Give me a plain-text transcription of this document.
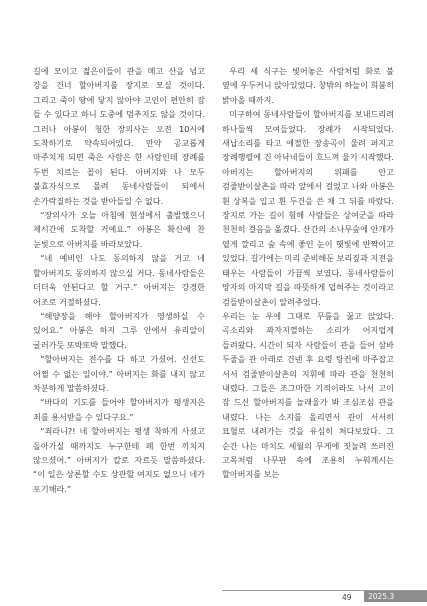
길에 모이고 젊은이들이 관을 메고 산을 넘고 강을 건너 할아버지를 장지로 모실 것이다. 그리고 죽이 땅에 닿지 않아야 고인이 편안히 잠 들 수 있다고 하니 도중에 멈추지도 않을 것이다. 그러나 아봉이 청한 장의사는 오전 10시에 도착하기로 약속되어있다. 만약 공교롭게 마주치게 되면 죽은 사람은 한 사람인데 장례를 두번 치르는 꼴이 된다. 아버지와 나 모두 불효자식으로 몰려 동네사람들이 되에서 손가락질하는 것을 받아들일 수 없다.

“장의사가 오늘 아침에 현성에서 출발했으니 제시간에 도착할 거예요.” 아봉은 확신에 찬 눈빛으로 아버지를 바라보았다.

“네 예비인 나도 동의하지 않을 거고 네 할아버지도 동의하지 않으실 거다. 동네사람들은 더더욱 안된다고 할 거구.” 아버지는 강경한 어조로 거절하셨다.

“해양장을 해야 할아버지가 영생하실 수 있어요.” 아봉은 하지 그루 안에서 유리알이 굴러가듯 또박또박 말했다.

“할아버지는 전수를 다 하고 가셨어. 신선도 어쩔 수 없는 일이야.” 아버지는 화를 내지 않고 차분하게 말씀하셨다.

“바다의 기도를 들어야 할아버지가 평생지은 죄를 용서받을 수 있다구요.”

“죄라니?! 네 할아버지는 평생 착하게 사셨고 돌아가실 때까지도 누구한테 폐 한번 끼치지 않으셨어.” 아버지가 칼로 자르듯 말씀하셨다. “이 일은 상론할 수도 상관할 여지도 없으니 네가 포기해라.”

우리 세 식구는 빛어놓은 사람처럼 화로 불 옆에 우두커니 앉아있었다. 창밖의 하늘이 희붐히 밝아올 때까지.

미구하여 동네사람들이 할아버지를 보내드리려 하나둘씩 모여들었다. 장례가 시작되었다. 새납소리를 타고 애절한 장송곡이 울려 퍼지고 장례행렬에 건 아낙네들이 흐느껴 울기 시작했다. 아버지는 할아버지의 위패를 안고 검줄받이살촌을 따라 앞에서 걸었고 나와 아봉은 흰 상복을 입고 흰 두건을 쓴 채 그 뒤를 따랐다. 장지로 가는 길이 험해 사람들은 상여군을 따라 천천히 걸음을 옮겼다. 산간의 소나무숲에 안개가 옅게 깔리고 숲 속에 좋인 눈이 햇빛에 반짝이고 있었다. 길가에는 미리 준비해둔 보리짚과 지전을 태우는 사람들이 가끔씩 보였다. 동네사람들이 망자의 마지막 길을 따뜻하게 덥혀주는 것이라고 검들받이살촌이 알려주었다.

우리는 눈 우에 그대로 무릎을 꿇고 앉았다. 곡소리와 꽈자지껄하는 소리가 어지럽게 들려왔다. 시간이 되자 사람들이 관을 들어 삼바 두줄을 관 아래로 건넨 후 요령 탕컨에 마주잡고 서서 검줄받이살촌의 지휘에 따라 관을 천천히 내렸다. 그들은 조그마한 기적이라도 나서 고이 잠 드신 할아버지를 놀래울가 봐 조심조심 관을 내렸다. 나는 소지를 올리면서 관이 서서히 묘혈로 내려가는 것을 유심히 쳐다보았다. 그 순간 나는 마치도 세월의 무게에 짓눌려 쓰러진 고목처럼 나무판 속에 조용히 누워계시는 할아버지를 보는

49	2025.3
